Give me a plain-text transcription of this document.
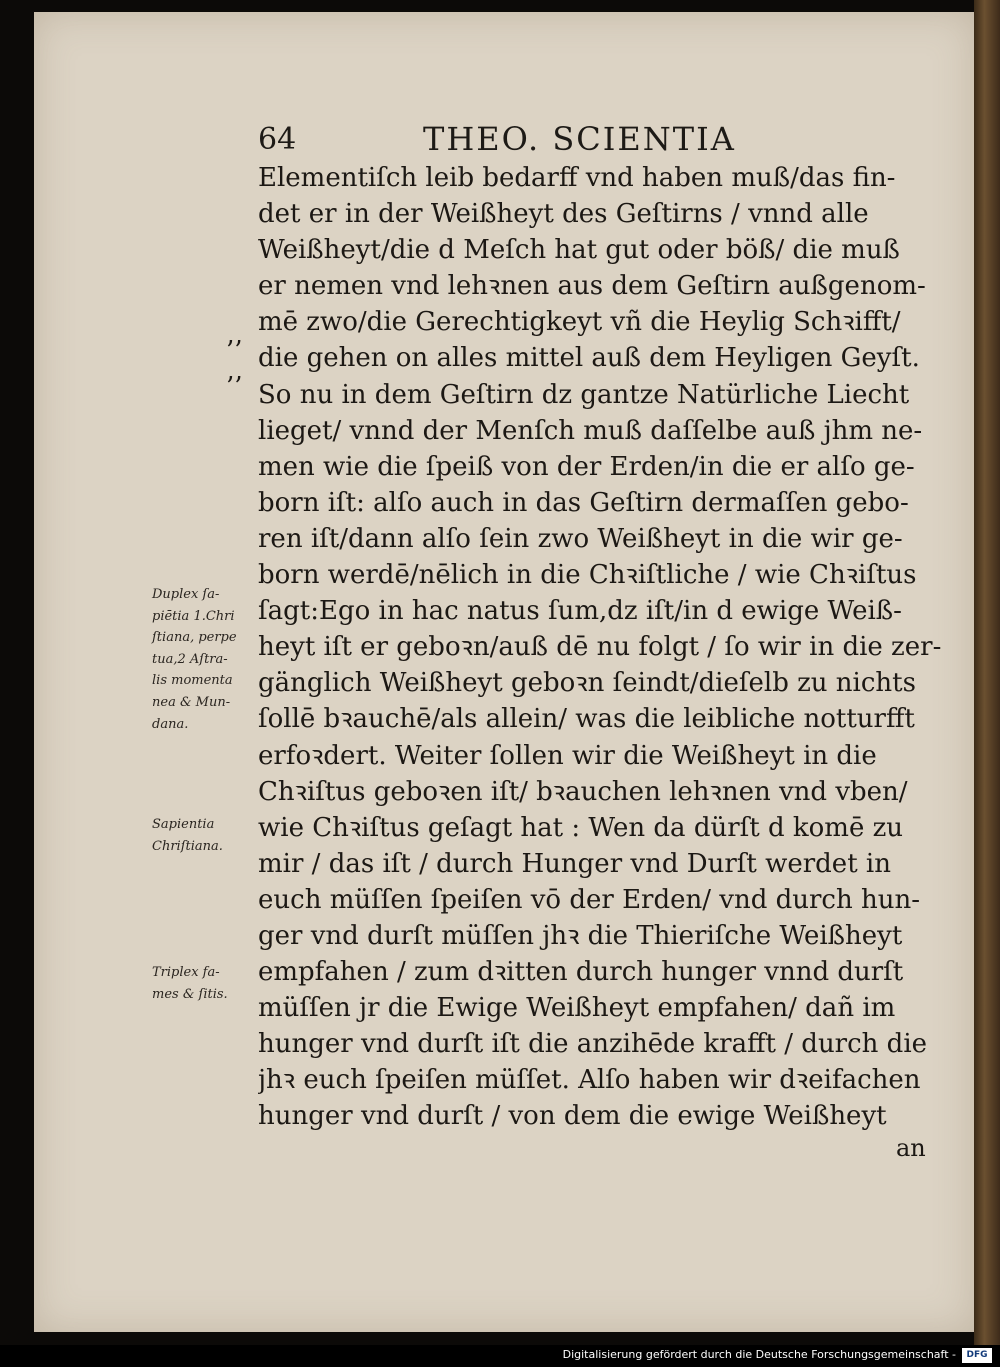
64	THEO. SCIENTIA
’’
’’
Elementiſch leib bedarff vnd haben muß/das fin-
det er in der Weißheyt des Geſtirns / vnnd alle
Weißheyt/die d Meſch hat gut oder böß/ die muß
er nemen vnd lehꝛnen aus dem Geſtirn außgenom-
mē zwo/die Gerechtigkeyt vñ die Heylig Schꝛifft/
die gehen on alles mittel auß dem Heyligen Geyſt.
So nu in dem Geſtirn dz gantze Natürliche Liecht
lieget/ vnnd der Menſch muß daſſelbe auß jhm ne-
men wie die ſpeiß von der Erden/in die er alſo ge-
born iſt: alſo auch in das Geſtirn dermaſſen gebo-
ren iſt/dann alſo ſein zwo Weißheyt in die wir ge-
born werdē/nēlich in die Chꝛiſtliche / wie Chꝛiſtus
ſagt:Ego in hac natus ſum,dz iſt/in d ewige Weiß-
heyt iſt er geboꝛn/auß dē nu folgt / ſo wir in die zer-
gänglich Weißheyt geboꝛn ſeindt/dieſelb zu nichts
ſollē bꝛauchē/als allein/ was die leibliche notturfft
erfoꝛdert. Weiter ſollen wir die Weißheyt in die
Chꝛiſtus geboꝛen iſt/ bꝛauchen lehꝛnen vnd vben/
wie Chꝛiſtus geſagt hat : Wen da dürſt d komē zu
mir / das iſt / durch Hunger vnd Durſt werdet in
euch müſſen ſpeiſen vō der Erden/ vnd durch hun-
ger vnd durſt müſſen jhꝛ die Thieriſche Weißheyt
empfahen / zum dꝛitten durch hunger vnnd durſt
müſſen jr die Ewige Weißheyt empfahen/ dañ im
hunger vnd durſt iſt die anzihēde krafft / durch die
jhꝛ euch ſpeiſen müſſet. Alſo haben wir dꝛeifachen
hunger vnd durſt / von dem die ewige Weißheyt
an
Duplex ſa-
piētia 1.Chri
ſtiana, perpe
tua,2 Aſtra-
lis momenta
nea & Mun-
dana.
Sapientia
Chriſtiana.
Triplex fa-
mes & ſitis.
Digitalisierung gefördert durch die Deutsche Forschungsgemeinschaft -	DFG
